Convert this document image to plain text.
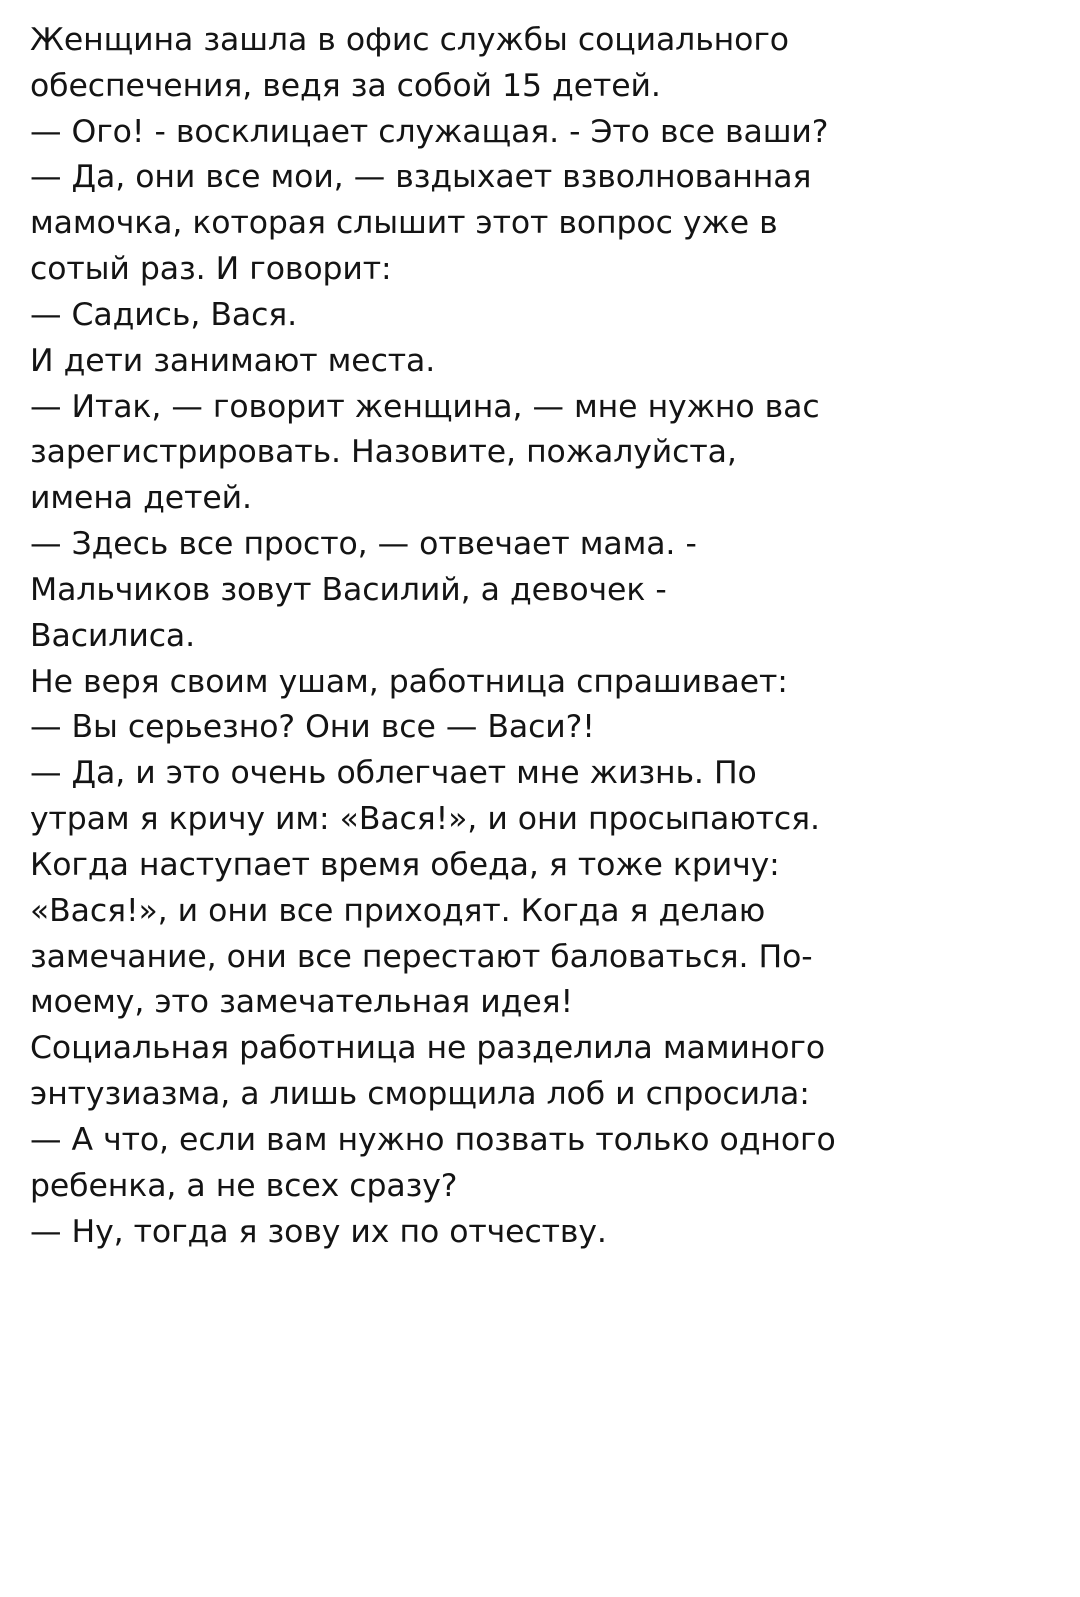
Женщина зашла в офис службы социального
обеспечения, ведя за собой 15 детей.
— Ого! - восклицает служащая. - Это все ваши?
— Да, они все мои, — вздыхает взволнованная
мамочка, которая слышит этот вопрос уже в
сотый раз. И говорит:
— Садись, Вася.
И дети занимают места.
— Итак, — говорит женщина, — мне нужно вас
зарегистрировать. Назовите, пожалуйста,
имена детей.
— Здесь все просто, — отвечает мама. -
Мальчиков зовут Василий, а девочек -
Василиса.
Не веря своим ушам, работница спрашивает:
— Вы серьезно? Они все — Васи?!
— Да, и это очень облегчает мне жизнь. По
утрам я кричу им: «Вася!», и они просыпаются.
Когда наступает время обеда, я тоже кричу:
«Вася!», и они все приходят. Когда я делаю
замечание, они все перестают баловаться. По-
моему, это замечательная идея!
Социальная работница не разделила маминого
энтузиазма, а лишь сморщила лоб и спросила:
— А что, если вам нужно позвать только одного
ребенка, а не всех сразу?
— Ну, тогда я зову их по отчеству.
